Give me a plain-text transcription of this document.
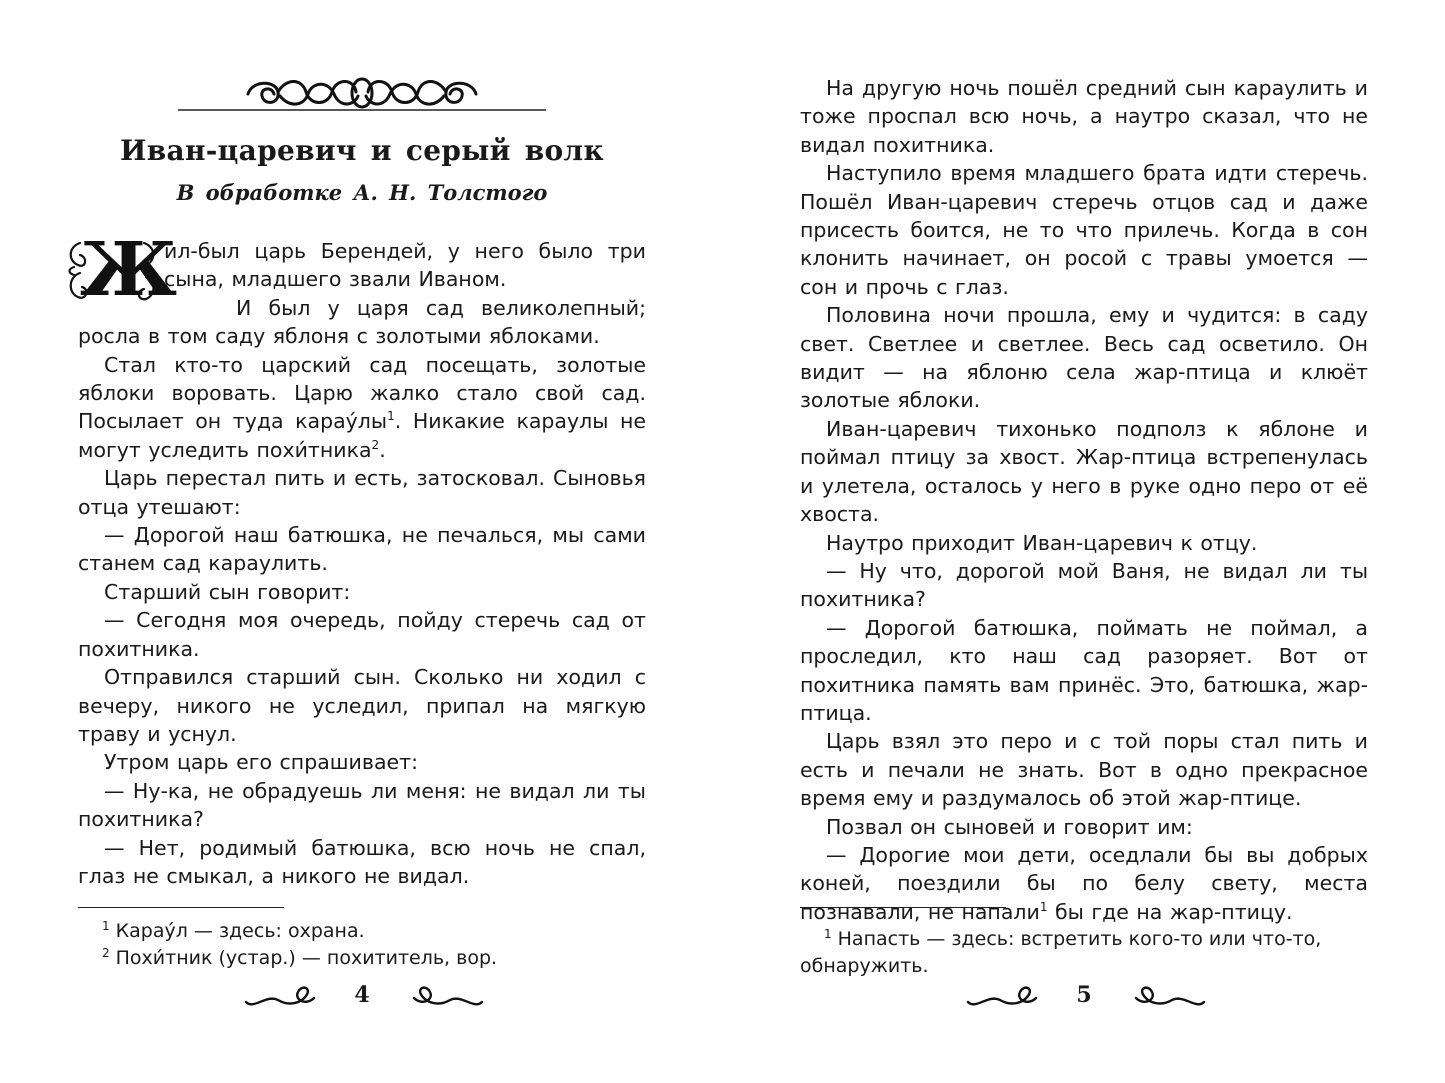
Иван-царевич и серый волк
В обработке А. Н. Толстого

Ж
ил-был царь Берендей, у него было три сына, младшего звали Иваном.

И был у царя сад великолепный; росла в том саду яблоня с золотыми яблоками.

Стал кто-то царский сад посещать, золотые яблоки воровать. Царю жалко стало свой сад. Посылает он туда $карау́лы^1$. Никакие караулы не могут уследить похи́тника$^2$.

Царь перестал пить и есть, затосковал. Сыновья отца утешают:

— Дорогой наш батюшка, не печалься, мы сами станем сад караулить.

Старший сын говорит:

— Сегодня моя очередь, пойду стеречь сад от похитника.

Отправился старший сын. Сколько ни ходил с вечеру, никого не уследил, припал на мягкую траву и уснул.

Утром царь его спрашивает:

— Ну-ка, не обрадуешь ли меня: не видал ли ты похитника?

— Нет, родимый батюшка, всю ночь не спал, глаз не смыкал, а никого не видал.

$^1$ Карау́л — здесь: охрана.

$^2$ Похи́тник (устар.) — похититель, вор.

4

На другую ночь пошёл средний сын караулить и тоже проспал всю ночь, а наутро сказал, что не видал похитника.

Наступило время младшего брата идти стеречь. Пошёл Иван-царевич стеречь отцов сад и даже присесть боится, не то что прилечь. Когда в сон клонить начинает, он росой с травы умоется — сон и прочь с глаз.

Половина ночи прошла, ему и чудится: в саду свет. Светлее и светлее. Весь сад осветило. Он видит — на яблоню села жар-птица и клюёт золотые яблоки.

Иван-царевич тихонько подполз к яблоне и поймал птицу за хвост. Жар-птица встрепенулась и улетела, осталось у него в руке одно перо от её хвоста.

Наутро приходит Иван-царевич к отцу.

— Ну что, дорогой мой Ваня, не видал ли ты похитника?

— Дорогой батюшка, поймать не поймал, а проследил, кто наш сад разоряет. Вот от похитника память вам принёс. Это, батюшка, жар-птица.

Царь взял это перо и с той поры стал пить и есть и печали не знать. Вот в одно прекрасное время ему и раздумалось об этой жар-птице.

Позвал он сыновей и говорит им:

— Дорогие мои дети, оседлали бы вы добрых коней, поездили бы по белу свету, места познавали, не напали$^1$ бы где на жар-птицу.

$^1$ Напасть — здесь: встретить кого-то или что-то, обнаружить.

5
